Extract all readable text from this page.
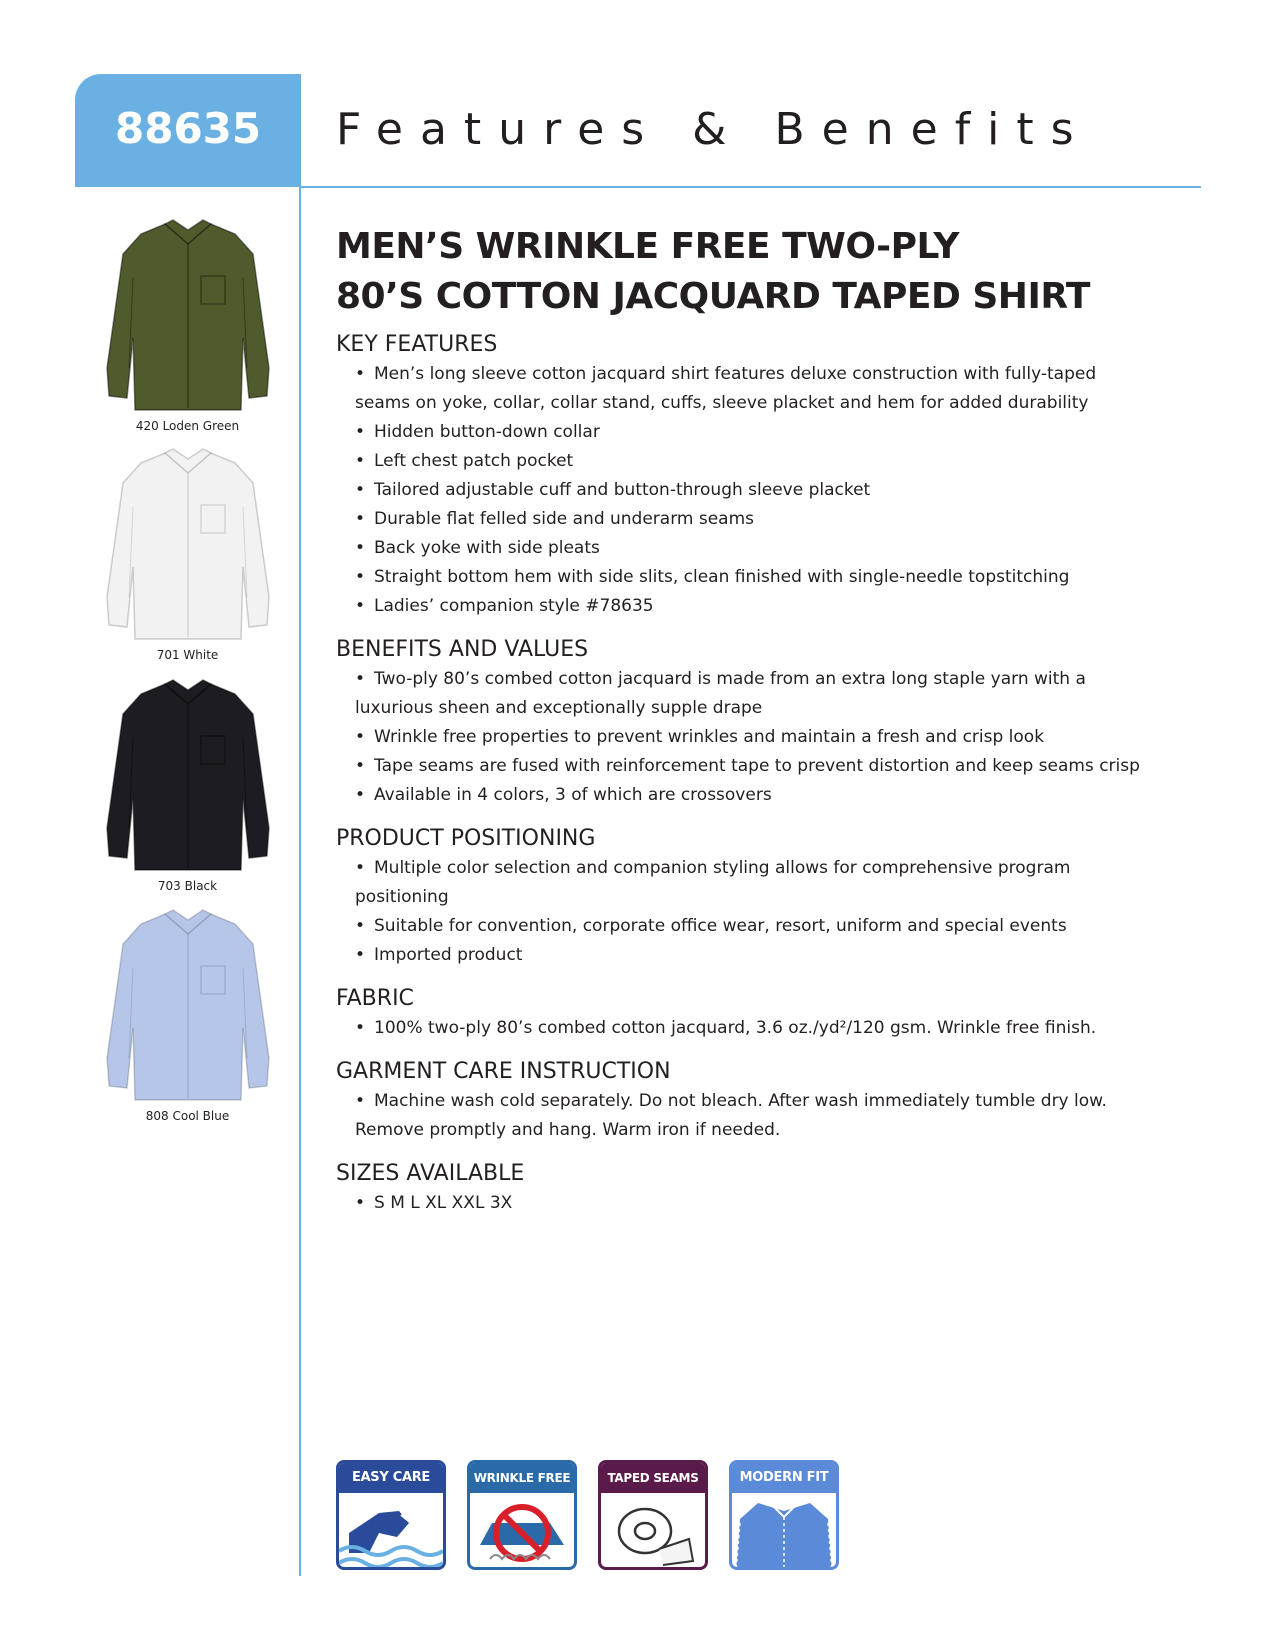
88635 Features & Benefits
420 Loden Green
701 White
703 Black
808 Cool Blue
MEN’S WRINKLE FREE TWO-PLY
80’S COTTON JACQUARD TAPED SHIRT
KEY FEATURES
• Men’s long sleeve cotton jacquard shirt features deluxe construction with fully-taped
seams on yoke, collar, collar stand, cuffs, sleeve placket and hem for added durability
• Hidden button-down collar
• Left chest patch pocket
• Tailored adjustable cuff and button-through sleeve placket
• Durable flat felled side and underarm seams
• Back yoke with side pleats
• Straight bottom hem with side slits, clean finished with single-needle topstitching
• Ladies’ companion style #78635
BENEFITS AND VALUES
• Two-ply 80’s combed cotton jacquard is made from an extra long staple yarn with a
luxurious sheen and exceptionally supple drape
• Wrinkle free properties to prevent wrinkles and maintain a fresh and crisp look
• Tape seams are fused with reinforcement tape to prevent distortion and keep seams crisp
• Available in 4 colors, 3 of which are crossovers
PRODUCT POSITIONING
• Multiple color selection and companion styling allows for comprehensive program
positioning
• Suitable for convention, corporate office wear, resort, uniform and special events
• Imported product
FABRIC
• 100% two-ply 80’s combed cotton jacquard, 3.6 oz./yd²/120 gsm. Wrinkle free finish.
GARMENT CARE INSTRUCTION
• Machine wash cold separately. Do not bleach. After wash immediately tumble dry low.
Remove promptly and hang. Warm iron if needed.
SIZES AVAILABLE
• S M L XL XXL 3X
EASY CARE	WRINKLE FREE	TAPED SEAMS	MODERN FIT
